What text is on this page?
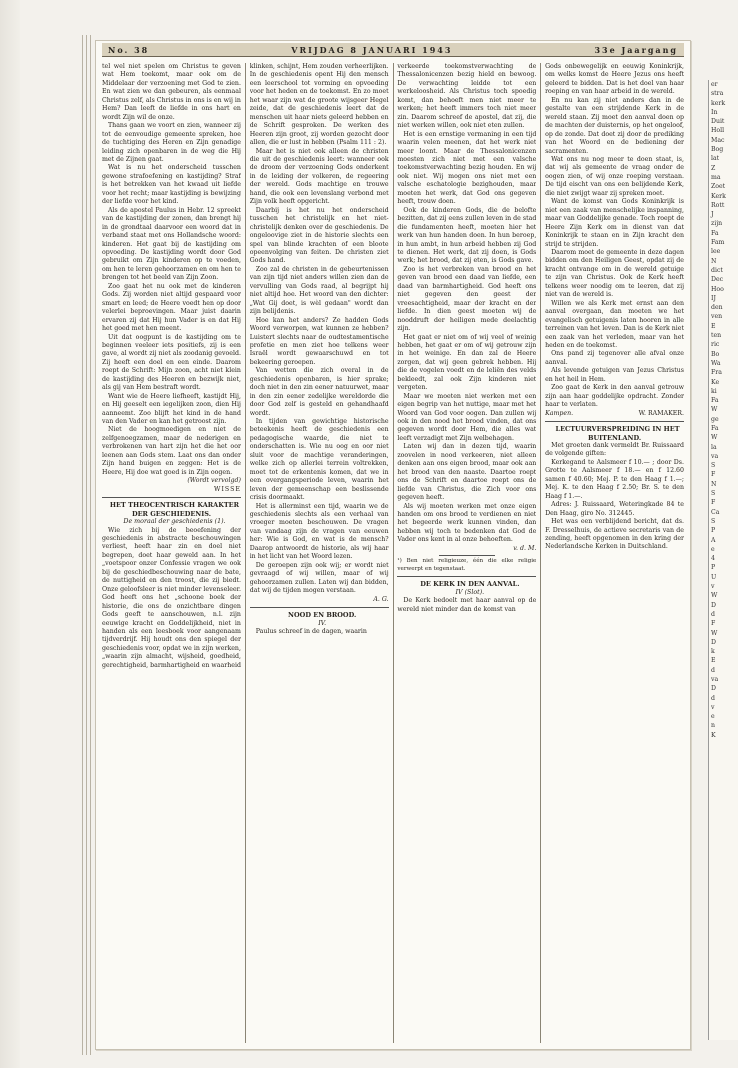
No. 38	VRIJDAG 8 JANUARI 1943	33e Jaargang

tel wel niet spelen om Christus te geven wat Hem toekomt, maar ook om de Middelaar der verzoening met God te zien. En wat zien we dan gebeuren, als eenmaal Christus zelf, als Christus in ons is en wij in Hem? Dan leeft de liefde in ons hart en wordt Zijn wil de onze.

Thans gaan we voort en zien, wanneer zij tot de eenvoudige gemeente spreken, hoe de tuchtiging des Heren en Zijn genadige leiding zich openbaren in de weg die Hij met de Zijnen gaat.

Wat is nu het onderscheid tusschen gewone strafoefening en kastijding? Straf is het betrekken van het kwaad uit liefde voor het recht; maar kastijding is bewijzing der liefde voor het kind.

Als de apostel Paulus in Hebr. 12 spreekt van de kastijding der zonen, dan brengt hij in de grondtaal daarvoor een woord dat in verband staat met ons Hollandsche woord: kinderen. Het gaat bij de kastijding om opvoeding. De kastijding wordt door God gebruikt om Zijn kinderen op te voeden, om hen te leren gehoorzamen en om hen te brengen tot het beeld van Zijn Zoon.

Zoo gaat het nu ook met de kinderen Gods. Zij worden niet altijd gespaard voor smart en leed; de Heere voedt hen op door velerlei beproevingen. Maar juist daarin ervaren zij dat Hij hun Vader is en dat Hij het goed met hen meent.

Uit dat oogpunt is de kastijding om te beginnen veeleer iets positiefs, zij is een gave, al wordt zij niet als zoodanig gevoeld. Zij heeft een doel en een einde. Daarom roept de Schrift: Mijn zoon, acht niet klein de kastijding des Heeren en bezwijk niet, als gij van Hem bestraft wordt.

Want wie de Heere liefheeft, kastijdt Hij, en Hij geeselt een iegelijken zoon, dien Hij aanneemt. Zoo blijft het kind in de hand van den Vader en kan het getroost zijn.

Niet de hoogmoedigen en niet de zelfgenoegzamen, maar de nederigen en verbrokenen van hart zijn het die het oor leenen aan Gods stem. Laat ons dan onder Zijn hand buigen en zeggen: Het is de Heere, Hij doe wat goed is in Zijn oogen.

(Wordt vervolgd)

WISSE

HET THEOCENTRISCH KARAKTER DER GESCHIEDENIS.

De moraal der geschiedenis (1).

Wie zich bij de beoefening der geschiedenis in abstracte beschouwingen verliest, heeft haar zin en doel niet begrepen, doet haar geweld aan. In het „voetspoor onzer Confessie vragen we ook bij de geschiedbeschouwing naar de bate, de nuttigheid en den troost, die zij biedt. Onze geloofsleer is niet minder levenseleer. God heeft ons het „schoone boek der historie, die ons de onzichtbare dingen Gods geeft te aanschouwen, n.l. zijn eeuwige kracht en Goddelijkheid, niet in handen als een leesboek voor aangenaam tijdverdrijf. Hij houdt ons den spiegel der geschiedenis voor, opdat we in zijn werken, „waarin zijn almacht, wijsheid, goedheid, gerechtigheid, barmhartigheid en waarheid

klinken, schijnt, Hem zouden verheerlijken. In de geschiedenis opent Hij den mensch een leerschool tot vorming en opvoeding voor het heden en de toekomst. En zo moet het waar zijn wat de groote wijsgeer Hegel zeide, dat de geschiedenis leert dat de menschen uit haar niets geleerd hebben en de Schrift gesproken. De werken des Heeren zijn groot, zij worden gezocht door allen, die er lust in hebben (Psalm 111 : 2).

Maar het is niet ook alleen de christen die uit de geschiedenis leert: wanneer ook de droom der verzoening Gods onderkent in de leiding der volkeren, de regeering der wereld. Gods machtige en trouwe hand, die ook een levenslang verbond met Zijn volk heeft opgericht.

Daarbij is het nu het onderscheid tusschen het christelijk en het niet-christelijk denken over de geschiedenis. De ongeloovige ziet in de historie slechts een spel van blinde krachten of een bloote opeenvolging van feiten. De christen ziet Gods hand.

Zoo zal de christen in de gebeurtenissen van zijn tijd niet anders willen zien dan de vervulling van Gods raad, al begrijpt hij niet altijd hoe. Het woord van den dichter: „Wat Gij doet, is wèl gedaan" wordt dan zijn belijdenis.

Hoe kan het anders? Ze hadden Gods Woord verworpen, wat kunnen ze hebben? Luistert slechts naar de oudtestamentische profetie en men ziet hoe telkens weer Israël wordt gewaarschuwd en tot bekeering geroepen.

Van wetten die zich overal in de geschiedenis openbaren, is hier sprake; doch niet in den zin eener natuurwet, maar in den zin eener zedelijke wereldorde die door God zelf is gesteld en gehandhaafd wordt.

In tijden van gewichtige historische beteekenis heeft de geschiedenis een pedagogische waarde, die niet te onderschatten is. Wie nu oog en oor niet sluit voor de machtige veranderingen, welke zich op allerlei terrein voltrekken, moet tot de erkentenis komen, dat we in een overgangsperiode leven, waarin het leven der gemeenschap een beslissende crisis doormaakt.

Het is allerminst een tijd, waarin we de geschiedenis slechts als een verhaal van vroeger moeten beschouwen. De vragen van vandaag zijn de vragen van eeuwen her: Wie is God, en wat is de mensch? Daarop antwoordt de historie, als wij haar in het licht van het Woord lezen.

De geroepen zijn ook wij; er wordt niet gevraagd of wij willen, maar of wij gehoorzamen zullen. Laten wij dan bidden, dat wij de tijden mogen verstaan.

A. G.

NOOD EN BROOD.

IV.

Paulus schreef in de dagen, waarin

verkeerde toekomstverwachting de Thessalonicenzen bezig hield en bewoog. De verwachting leidde tot een werkeloosheid. Als Christus toch spoedig komt, dan behoeft men niet meer te werken; het heeft immers toch niet meer zin. Daarom schreef de apostel, dat zij, die niet werken willen, ook niet eten zullen.

Het is een ernstige vermaning in een tijd waarin velen meenen, dat het werk niet meer loont. Maar de Thessalonicenzen moesten zich niet met een valsche toekomstverwachting bezig houden. En wij ook niet. Wij mogen ons niet met een valsche eschatologie bezighouden, maar moeten het werk, dat God ons gegeven heeft, trouw doen.

Ook de kinderen Gods, die de belofte bezitten, dat zij eens zullen leven in de stad die fundamenten heeft, moeten hier het werk van hun handen doen. In hun beroep, in hun ambt, in hun arbeid hebben zij God te dienen. Het werk, dat zij doen, is Gods werk; het brood, dat zij eten, is Gods gave.

Zoo is het verbreken van brood en het geven van brood een daad van liefde, een daad van barmhartigheid. God heeft ons niet gegeven den geest der vreesachtigheid, maar der kracht en der liefde. In dien geest moeten wij de nooddruft der heiligen mede deelachtig zijn.

Het gaat er niet om of wij veel of weinig hebben, het gaat er om of wij getrouw zijn in het weinige. En dan zal de Heere zorgen, dat wij geen gebrek hebben. Hij die de vogelen voedt en de leliën des velds bekleedt, zal ook Zijn kinderen niet vergeten.

Maar we moeten niet werken met een eigen begrip van het nuttige, maar met het Woord van God voor oogen. Dan zullen wij ook in den nood het brood vinden, dat ons gegeven wordt door Hem, die alles wat leeft verzadigt met Zijn welbehagen.

Laten wij dan in dezen tijd, waarin zoovelen in nood verkeeren, niet alleen denken aan ons eigen brood, maar ook aan het brood van den naaste. Daartoe roept ons de Schrift en daartoe roept ons de liefde van Christus, die Zich voor ons gegeven heeft.

Als wij moeten werken met onze eigen handen om ons brood te verdienen en niet het begeerde werk kunnen vinden, dan hebben wij toch te bedenken dat God de Vader ons kent in al onze behoeften.

v. d. M.

¹) Ben niet religieuze, één die elke religie verwerpt en tegenstaat.

DE KERK IN DEN AANVAL.

IV (Slot).

De Kerk bedoelt met haar aanval op de wereld niet minder dan de komst van

Gods onbewegelijk en eeuwig Koninkrijk, om welks komst de Heere Jezus ons heeft geleerd te bidden. Dat is het doel van haar roeping en van haar arbeid in de wereld.

En nu kan zij niet anders dan in de gestalte van een strijdende Kerk in de wereld staan. Zij moet den aanval doen op de machten der duisternis, op het ongeloof, op de zonde. Dat doet zij door de prediking van het Woord en de bediening der sacramenten.

Wat ons nu nog meer te doen staat, is, dat wij als gemeente de vraag onder de oogen zien, of wij onze roeping verstaan. De tijd eischt van ons een belijdende Kerk, die niet zwijgt waar zij spreken moet.

Want de komst van Gods Koninkrijk is niet een zaak van menschelijke inspanning, maar van Goddelijke genade. Toch roept de Heere Zijn Kerk om in dienst van dat Koninkrijk te staan en in Zijn kracht den strijd te strijden.

Daarom moet de gemeente in deze dagen bidden om den Heiligen Geest, opdat zij de kracht ontvange om in de wereld getuige te zijn van Christus. Ook de Kerk heeft telkens weer noodig om te leeren, dat zij niet van de wereld is.

Willen we als Kerk met ernst aan den aanval overgaan, dan moeten we het evangelisch getuigenis laten hooren in alle terreinen van het leven. Dan is de Kerk niet een zaak van het verleden, maar van het heden en de toekomst.

Ons pand zij tegenover alle afval onze aanval.

Als levende getuigen van Jezus Christus en het heil in Hem.

Zoo gaat de Kerk in den aanval getrouw zijn aan haar goddelijke opdracht. Zonder haar te verlaten.

Kampen.	W. RAMAKER.

LECTUURVERSPREIDING IN HET BUITENLAND.

Met groeten dank vermeldt Br. Ruissaard de volgende giften:

Kerkegand te Aalsmeer f 10.— ; door Ds. Grotte te Aalsmeer f 18.— en f 12.60 samen f 40.60; Mej. P. te den Haag f 1.—; Mej. K. te den Haag f 2.50; Br. S. te den Haag f 1.—.

Adres: J. Ruissaard, Weteringkade 84 te Den Haag, giro No. 312445.

Het was een verblijdend bericht, dat ds. F. Dresselhuis, de actieve secretaris van de zending, heeft opgenomen in den kring der Nederlandsche Kerken in Duitschland.

er
stra
kerk
In
Duit
Holl
Mac
Bog
lat
Z
ma
Zoet
Kerk
Rott
J
zijn
Fa
Fam
lee
N
dict
Dec
Hoo
IJ
den
ven
E
ten
ric
Bo
Wa
Fra
Ke
ki
Fa
W
ge
Fa
W
la
va
S
F
N
S
F
Ca
S
P
A
e
4
P
U
v
W
D
d
F
W
D
k
E
d
va
D
d
v
e
n
K
